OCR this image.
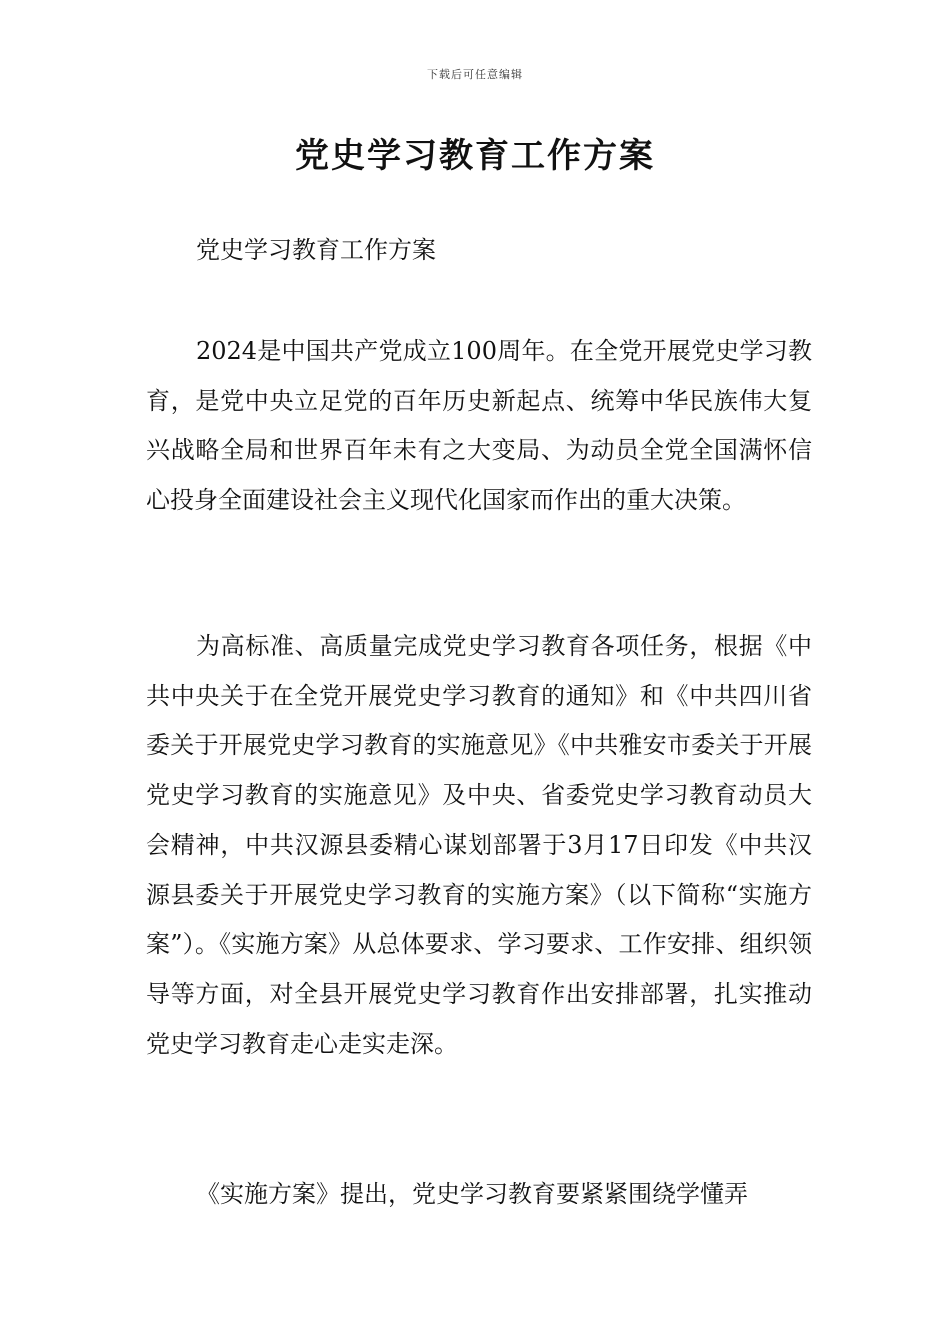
下载后可任意编辑
党史学习教育工作方案

党史学习教育工作方案

2024是中国共产党成立100周年。在全党开展党史学习教育，是党中央立足党的百年历史新起点、统筹中华民族伟大复兴战略全局和世界百年未有之大变局、为动员全党全国满怀信心投身全面建设社会主义现代化国家而作出的重大决策。

为高标准、高质量完成党史学习教育各项任务，根据《中共中央关于在全党开展党史学习教育的通知》和《中共四川省委关于开展党史学习教育的实施意见》《中共雅安市委关于开展党史学习教育的实施意见》及中央、省委党史学习教育动员大会精神，中共汉源县委精心谋划部署于3月17日印发《中共汉源县委关于开展党史学习教育的实施方案》（以下简称“实施方案”）。《实施方案》从总体要求、学习要求、工作安排、组织领导等方面，对全县开展党史学习教育作出安排部署，扎实推动党史学习教育走心走实走深。

《实施方案》提出，党史学习教育要紧紧围绕学懂弄
